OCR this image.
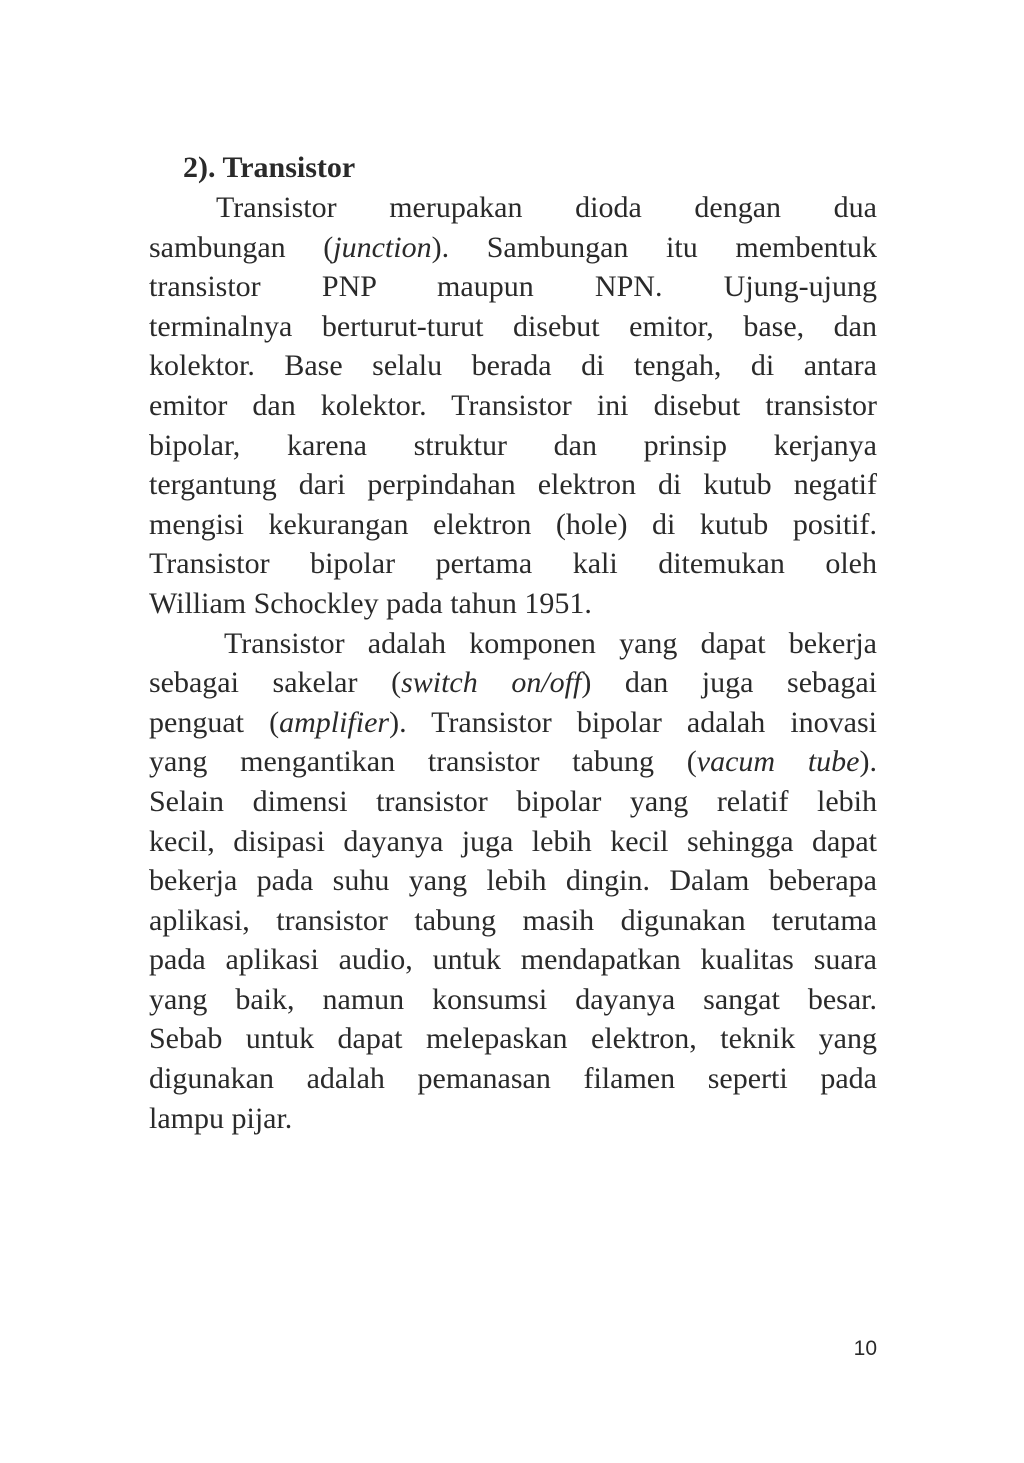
2). Transistor
Transistor merupakan dioda dengan dua
sambungan (junction). Sambungan itu membentuk
transistor PNP maupun NPN. Ujung-ujung
terminalnya berturut-turut disebut emitor, base, dan
kolektor. Base selalu berada di tengah, di antara
emitor dan kolektor. Transistor ini disebut transistor
bipolar, karena struktur dan prinsip kerjanya
tergantung dari perpindahan elektron di kutub negatif
mengisi kekurangan elektron (hole) di kutub positif.
Transistor bipolar pertama kali ditemukan oleh
William Schockley pada tahun 1951.
Transistor adalah komponen yang dapat bekerja
sebagai sakelar (switch on/off) dan juga sebagai
penguat (amplifier). Transistor bipolar adalah inovasi
yang mengantikan transistor tabung (vacum tube).
Selain dimensi transistor bipolar yang relatif lebih
kecil, disipasi dayanya juga lebih kecil sehingga dapat
bekerja pada suhu yang lebih dingin. Dalam beberapa
aplikasi, transistor tabung masih digunakan terutama
pada aplikasi audio, untuk mendapatkan kualitas suara
yang baik, namun konsumsi dayanya sangat besar.
Sebab untuk dapat melepaskan elektron, teknik yang
digunakan adalah pemanasan filamen seperti pada
lampu pijar.
10
